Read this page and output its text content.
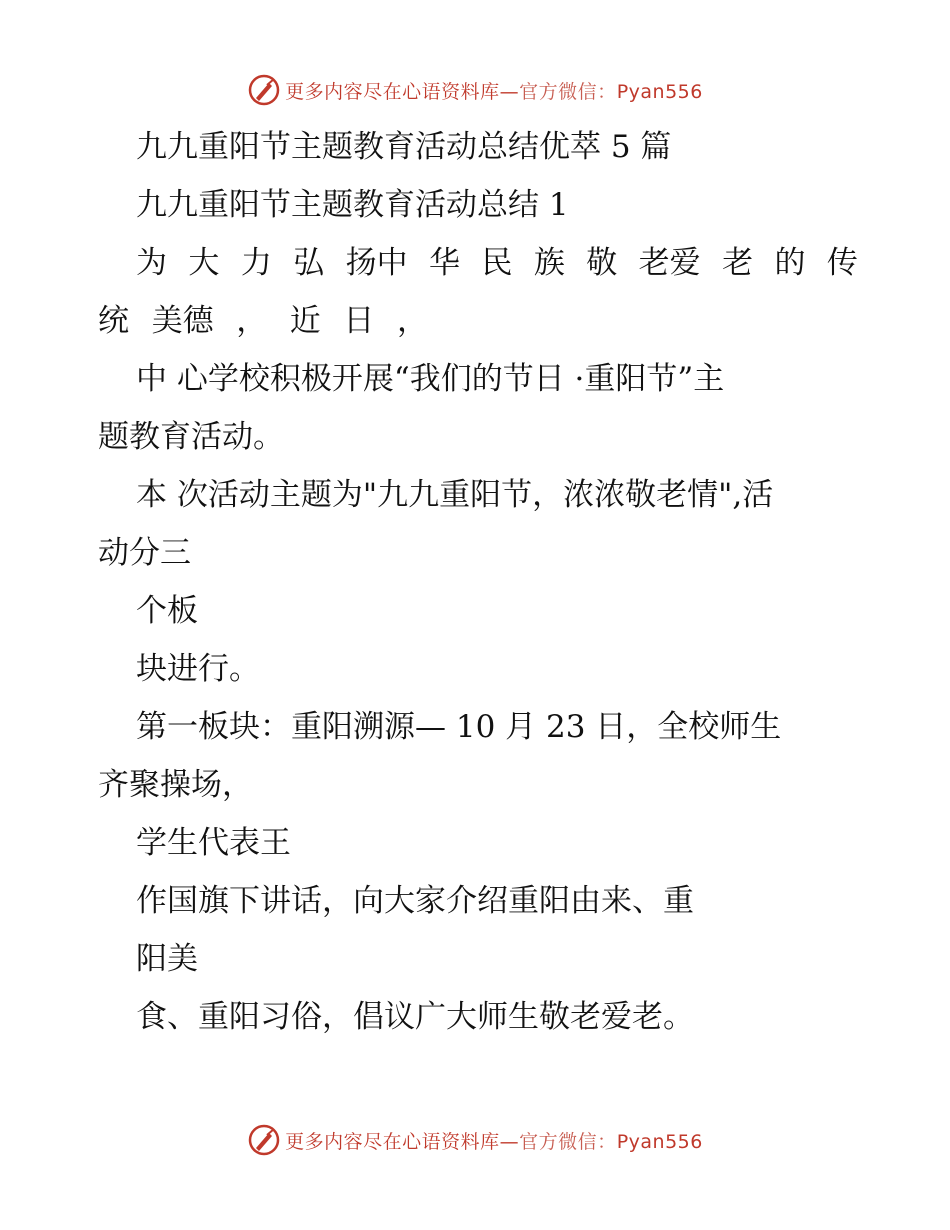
更多内容尽在心语资料库—官方微信：Pyan556
九九重阳节主题教育活动总结优萃 5 篇
九九重阳节主题教育活动总结 1
为 大 力 弘 扬中 华 民 族 敬 老爱 老 的 传
统 美德 ， 近 日 ，
中 心学校积极开展“我们的节日 ·重阳节”主
题教育活动。
本 次活动主题为"九九重阳节，浓浓敬老情",活
动分三
个板
块进行。
第一板块：重阳溯源— 10 月 23 日，全校师生
齐聚操场，
学生代表王
作国旗下讲话，向大家介绍重阳由来、重
阳美
食、重阳习俗，倡议广大师生敬老爱老。
更多内容尽在心语资料库—官方微信：Pyan556
